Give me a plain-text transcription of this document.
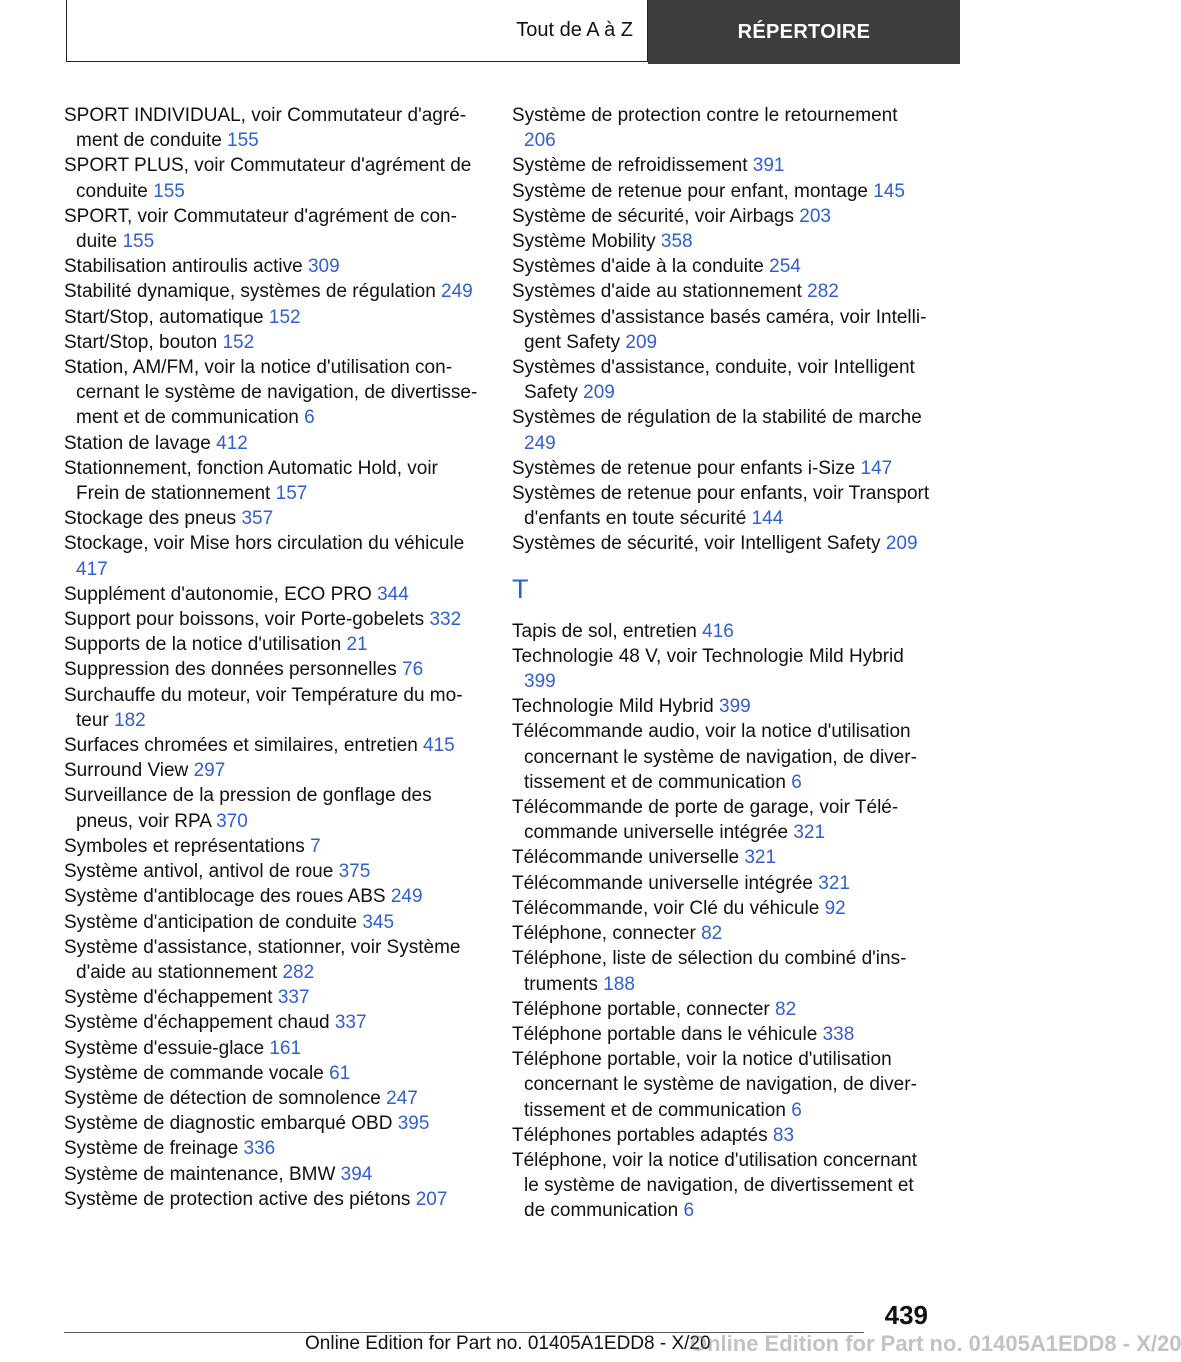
Tout de A à Z	RÉPERTOIRE
SPORT INDIVIDUAL, voir Commutateur d'agrément de conduite 155
SPORT PLUS, voir Commutateur d'agrément de conduite 155
SPORT, voir Commutateur d'agrément de conduite 155
Stabilisation antiroulis active 309
Stabilité dynamique, systèmes de régulation 249
Start/Stop, automatique 152
Start/Stop, bouton 152
Station, AM/FM, voir la notice d'utilisation concernant le système de navigation, de divertissement et de communication 6
Station de lavage 412
Stationnement, fonction Automatic Hold, voir Frein de stationnement 157
Stockage des pneus 357
Stockage, voir Mise hors circulation du véhicule 417
Supplément d'autonomie, ECO PRO 344
Support pour boissons, voir Porte-gobelets 332
Supports de la notice d'utilisation 21
Suppression des données personnelles 76
Surchauffe du moteur, voir Température du moteur 182
Surfaces chromées et similaires, entretien 415
Surround View 297
Surveillance de la pression de gonflage des pneus, voir RPA 370
Symboles et représentations 7
Système antivol, antivol de roue 375
Système d'antiblocage des roues ABS 249
Système d'anticipation de conduite 345
Système d'assistance, stationner, voir Système d'aide au stationnement 282
Système d'échappement 337
Système d'échappement chaud 337
Système d'essuie-glace 161
Système de commande vocale 61
Système de détection de somnolence 247
Système de diagnostic embarqué OBD 395
Système de freinage 336
Système de maintenance, BMW 394
Système de protection active des piétons 207
Système de protection contre le retournement 206
Système de refroidissement 391
Système de retenue pour enfant, montage 145
Système de sécurité, voir Airbags 203
Système Mobility 358
Systèmes d'aide à la conduite 254
Systèmes d'aide au stationnement 282
Systèmes d'assistance basés caméra, voir Intelligent Safety 209
Systèmes d'assistance, conduite, voir Intelligent Safety 209
Systèmes de régulation de la stabilité de marche 249
Systèmes de retenue pour enfants i-Size 147
Systèmes de retenue pour enfants, voir Transport d'enfants en toute sécurité 144
Systèmes de sécurité, voir Intelligent Safety 209
T
Tapis de sol, entretien 416
Technologie 48 V, voir Technologie Mild Hybrid 399
Technologie Mild Hybrid 399
Télécommande audio, voir la notice d'utilisation concernant le système de navigation, de divertissement et de communication 6
Télécommande de porte de garage, voir Télécommande universelle intégrée 321
Télécommande universelle 321
Télécommande universelle intégrée 321
Télécommande, voir Clé du véhicule 92
Téléphone, connecter 82
Téléphone, liste de sélection du combiné d'instruments 188
Téléphone portable, connecter 82
Téléphone portable dans le véhicule 338
Téléphone portable, voir la notice d'utilisation concernant le système de navigation, de divertissement et de communication 6
Téléphones portables adaptés 83
Téléphone, voir la notice d'utilisation concernant le système de navigation, de divertissement et de communication 6
439
Online Edition for Part no. 01405A1EDD8 - X/20
Online Edition for Part no. 01405A1EDD8 - X/20
